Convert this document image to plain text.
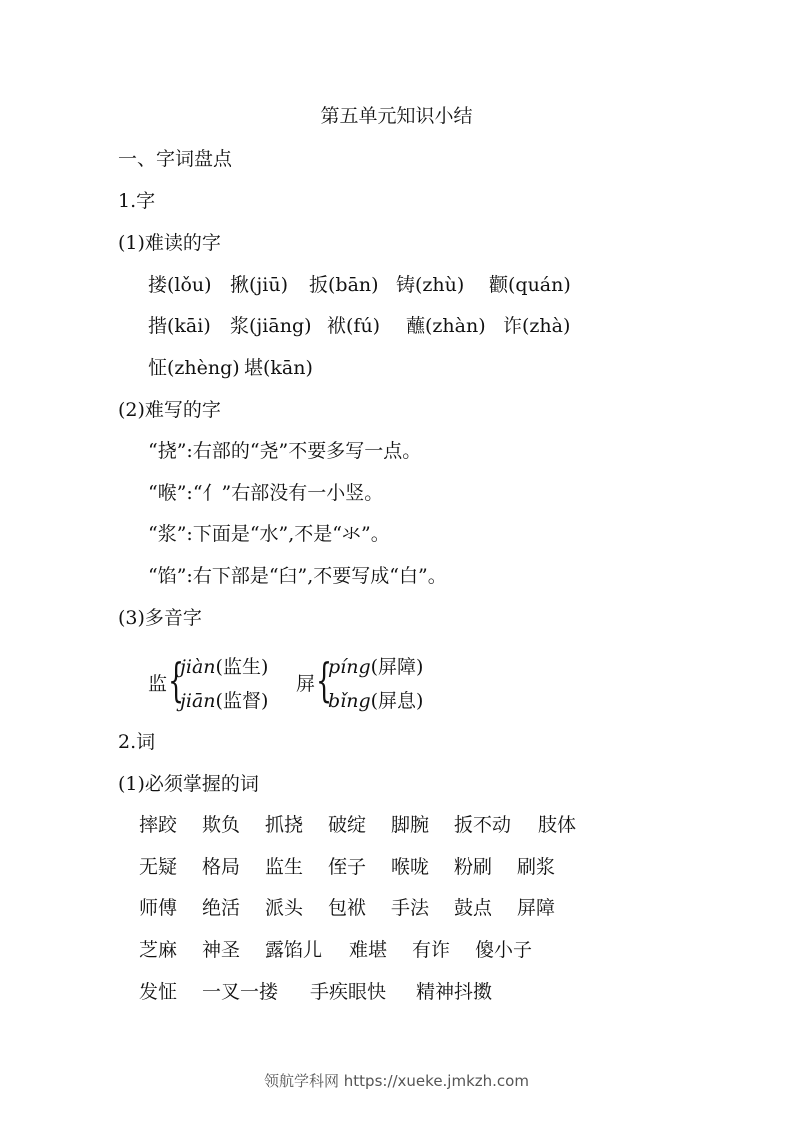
第五单元知识小结
一、字词盘点
1.字
(1)难读的字
搂(lǒu) 揪(jiū) 扳(bān) 铸(zhù) 颧(quán)
揩(kāi) 浆(jiāng) 袱(fú) 蘸(zhàn) 诈(zhà)
怔(zhèng) 堪(kān)
(2)难写的字
“挠”:右部的“尧”不要多写一点。
“喉”:“亻”右部没有一小竖。
“浆”:下面是“水”,不是“氺”。
“馅”:右下部是“臼”,不要写成“白”。
(3)多音字
监 {
jiàn(监生)
jiān(监督)
屏 {
píng(屏障)
bǐng(屏息)
2.词
(1)必须掌握的词
摔跤 欺负 抓挠 破绽 脚腕 扳不动 肢体
无疑 格局 监生 侄子 喉咙 粉刷 刷浆
师傅 绝活 派头 包袱 手法 鼓点 屏障
芝麻 神圣 露馅儿 难堪 有诈 傻小子
发怔 一叉一搂 手疾眼快 精神抖擞
领航学科网 https://xueke.jmkzh.com
